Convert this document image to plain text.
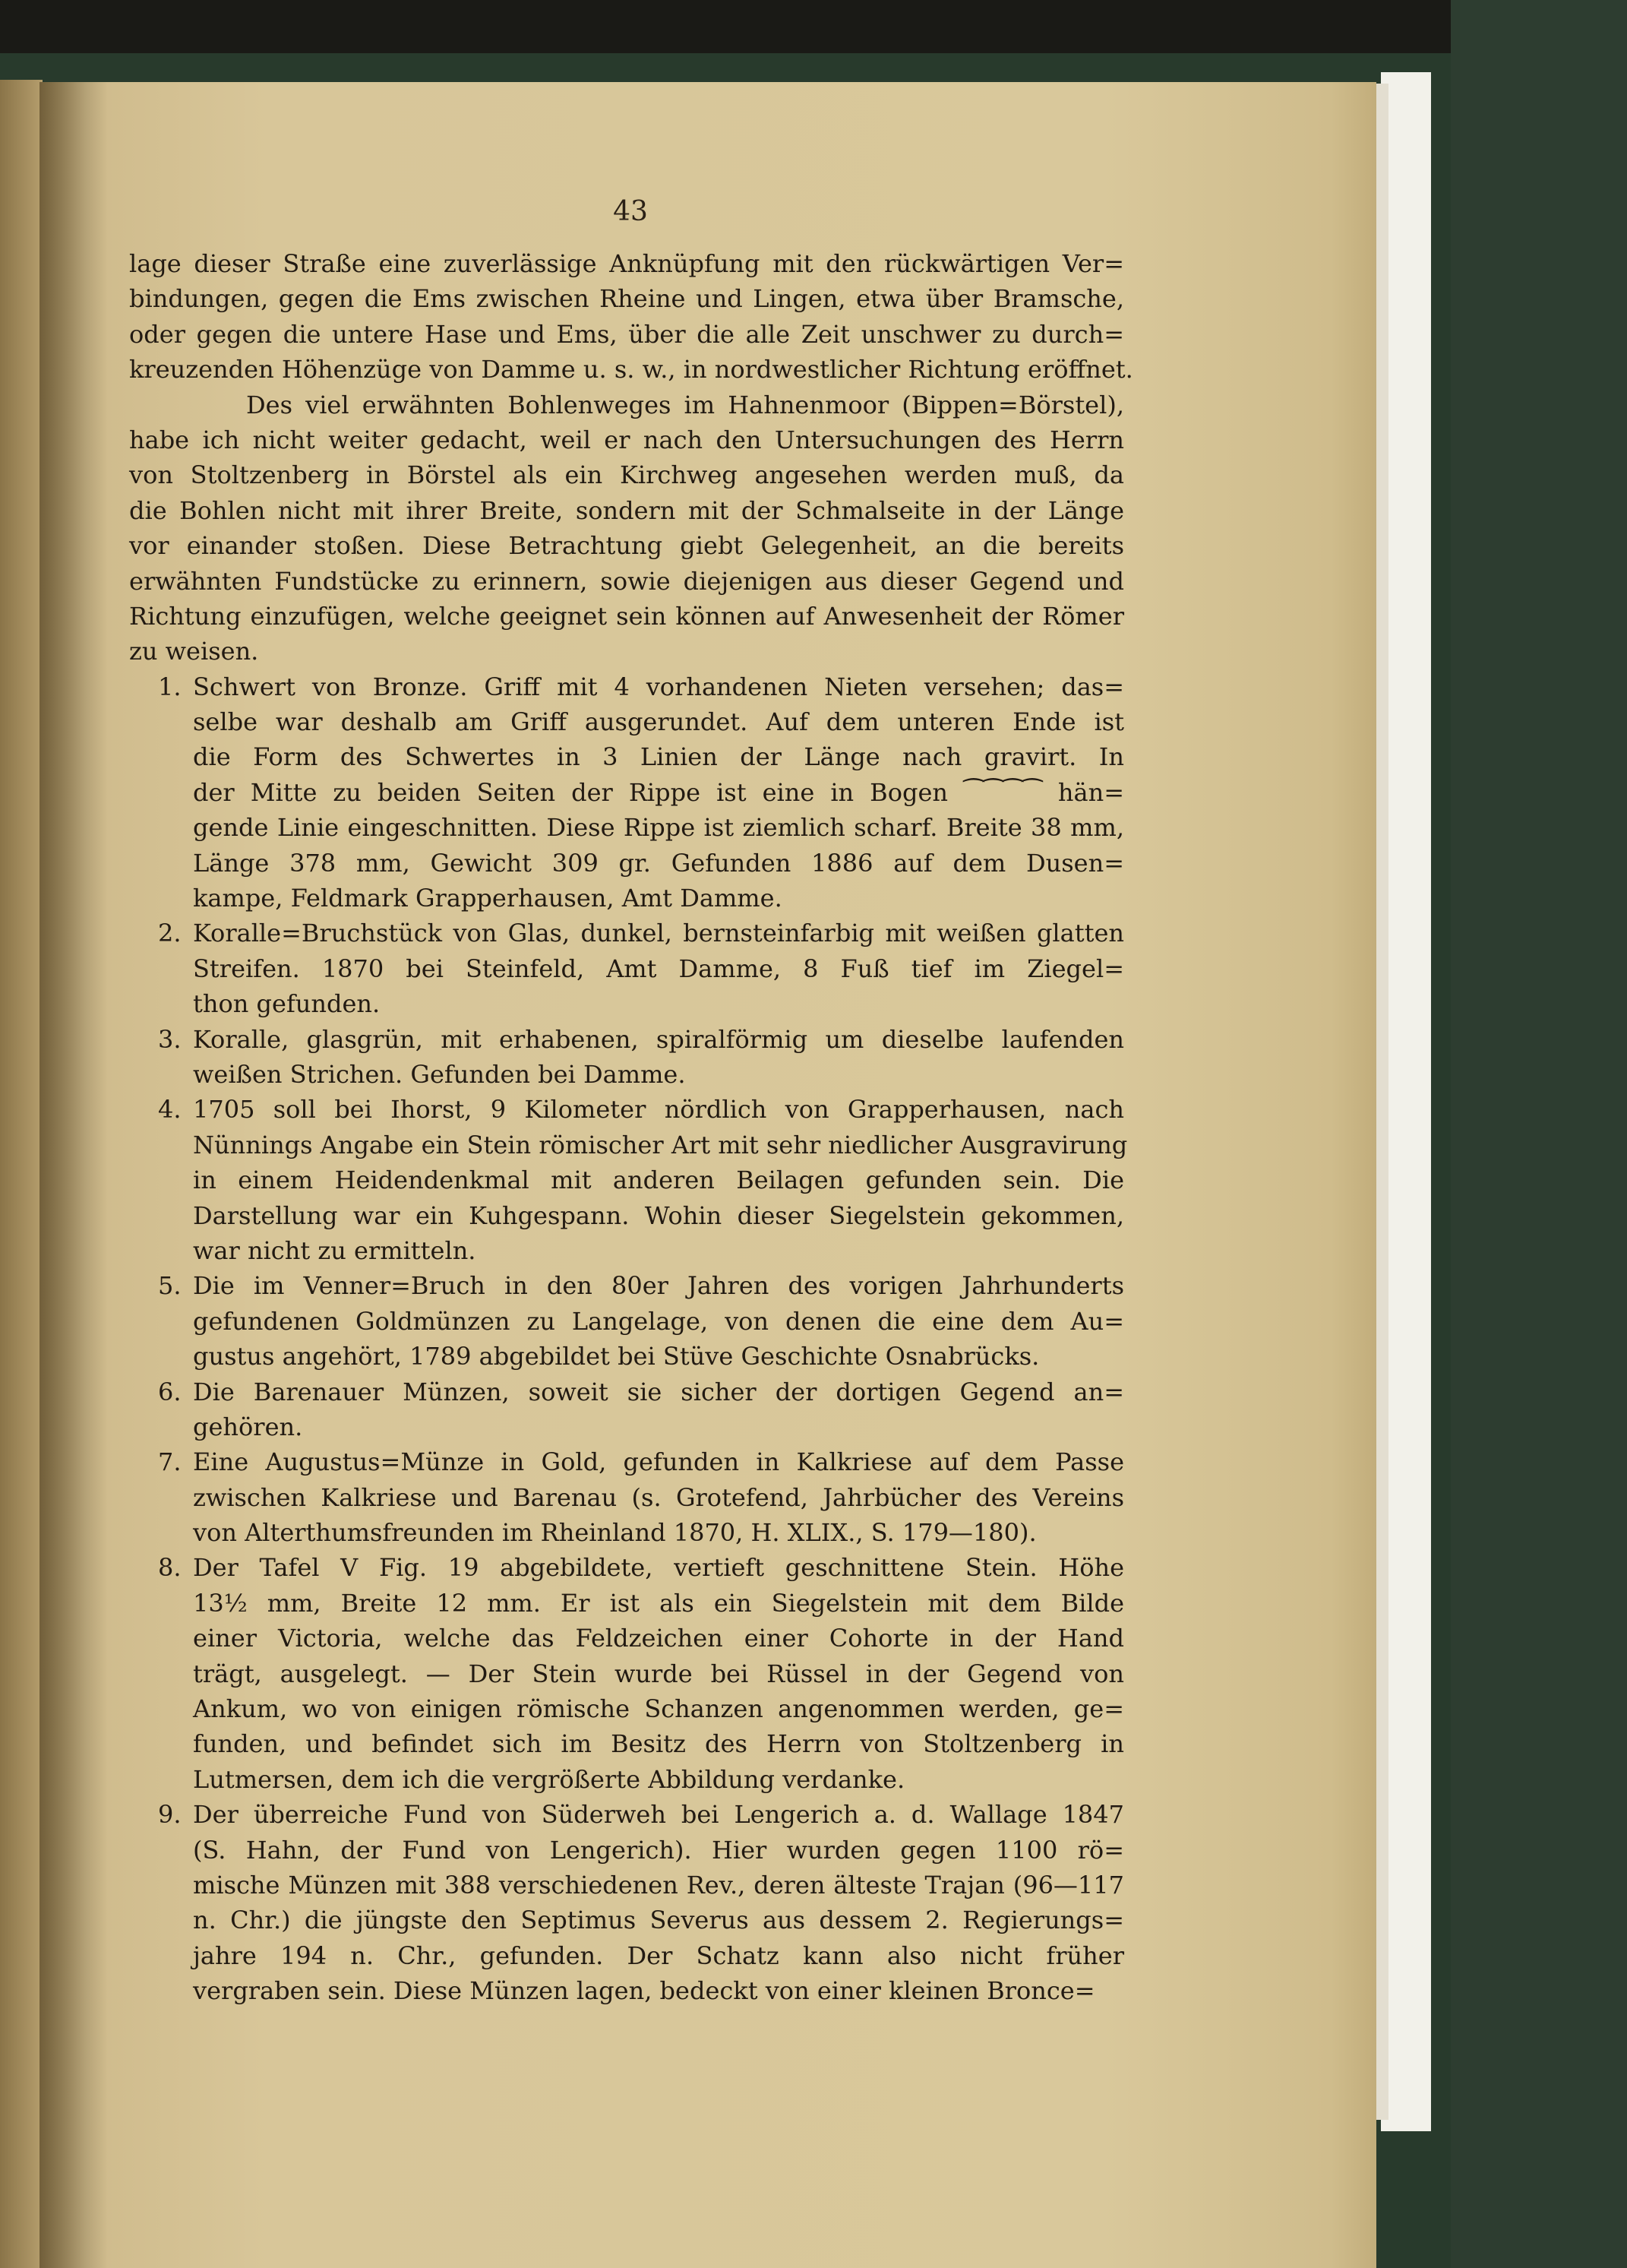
43
lage dieser Straße eine zuverlässige Anknüpfung mit den rückwärtigen Ver=
bindungen, gegen die Ems zwischen Rheine und Lingen, etwa über Bramsche,
oder gegen die untere Hase und Ems, über die alle Zeit unschwer zu durch=
kreuzenden Höhenzüge von Damme u. s. w., in nordwestlicher Richtung eröffnet.
Des viel erwähnten Bohlenweges im Hahnenmoor (Bippen=Börstel),
habe ich nicht weiter gedacht, weil er nach den Untersuchungen des Herrn
von Stoltzenberg in Börstel als ein Kirchweg angesehen werden muß, da
die Bohlen nicht mit ihrer Breite, sondern mit der Schmalseite in der Länge
vor einander stoßen. Diese Betrachtung giebt Gelegenheit, an die bereits
erwähnten Fundstücke zu erinnern, sowie diejenigen aus dieser Gegend und
Richtung einzufügen, welche geeignet sein können auf Anwesenheit der Römer
zu weisen.
1. Schwert von Bronze. Griff mit 4 vorhandenen Nieten versehen; das=
selbe war deshalb am Griff ausgerundet. Auf dem unteren Ende ist
die Form des Schwertes in 3 Linien der Länge nach gravirt. In
der Mitte zu beiden Seiten der Rippe ist eine in Bogen ⁀⁀⁀⁀ hän=
gende Linie eingeschnitten. Diese Rippe ist ziemlich scharf. Breite 38 mm,
Länge 378 mm, Gewicht 309 gr. Gefunden 1886 auf dem Dusen=
kampe, Feldmark Grapperhausen, Amt Damme.
2. Koralle=Bruchstück von Glas, dunkel, bernsteinfarbig mit weißen glatten
Streifen. 1870 bei Steinfeld, Amt Damme, 8 Fuß tief im Ziegel=
thon gefunden.
3. Koralle, glasgrün, mit erhabenen, spiralförmig um dieselbe laufenden
weißen Strichen. Gefunden bei Damme.
4. 1705 soll bei Ihorst, 9 Kilometer nördlich von Grapperhausen, nach
Nünnings Angabe ein Stein römischer Art mit sehr niedlicher Ausgravirung
in einem Heidendenkmal mit anderen Beilagen gefunden sein. Die
Darstellung war ein Kuhgespann. Wohin dieser Siegelstein gekommen,
war nicht zu ermitteln.
5. Die im Venner=Bruch in den 80er Jahren des vorigen Jahrhunderts
gefundenen Goldmünzen zu Langelage, von denen die eine dem Au=
gustus angehört, 1789 abgebildet bei Stüve Geschichte Osnabrücks.
6. Die Barenauer Münzen, soweit sie sicher der dortigen Gegend an=
gehören.
7. Eine Augustus=Münze in Gold, gefunden in Kalkriese auf dem Passe
zwischen Kalkriese und Barenau (s. Grotefend, Jahrbücher des Vereins
von Alterthumsfreunden im Rheinland 1870, H. XLIX., S. 179—180).
8. Der Tafel V Fig. 19 abgebildete, vertieft geschnittene Stein. Höhe
13½ mm, Breite 12 mm. Er ist als ein Siegelstein mit dem Bilde
einer Victoria, welche das Feldzeichen einer Cohorte in der Hand
trägt, ausgelegt. — Der Stein wurde bei Rüssel in der Gegend von
Ankum, wo von einigen römische Schanzen angenommen werden, ge=
funden, und befindet sich im Besitz des Herrn von Stoltzenberg in
Lutmersen, dem ich die vergrößerte Abbildung verdanke.
9. Der überreiche Fund von Süderweh bei Lengerich a. d. Wallage 1847
(S. Hahn, der Fund von Lengerich). Hier wurden gegen 1100 rö=
mische Münzen mit 388 verschiedenen Rev., deren älteste Trajan (96—117
n. Chr.) die jüngste den Septimus Severus aus dessem 2. Regierungs=
jahre 194 n. Chr., gefunden. Der Schatz kann also nicht früher
vergraben sein. Diese Münzen lagen, bedeckt von einer kleinen Bronce=
